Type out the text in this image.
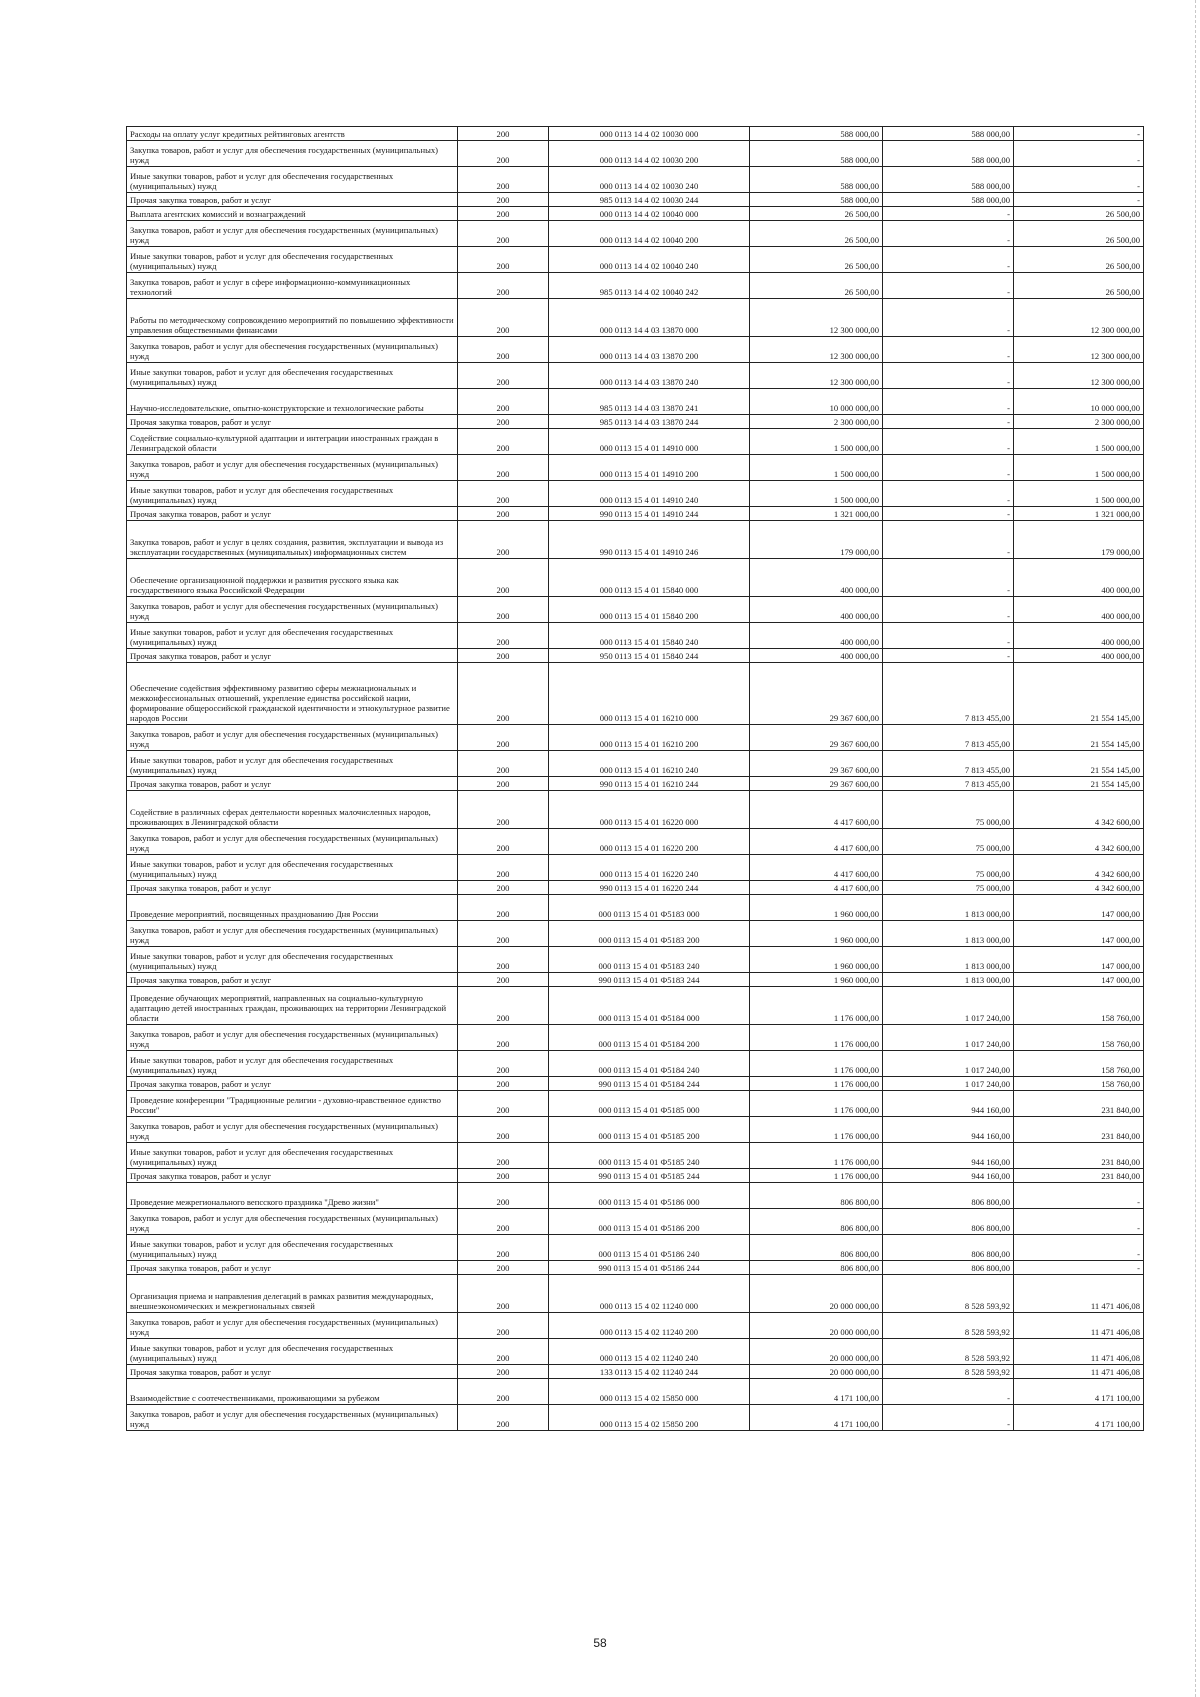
Расходы на оплату услуг кредитных рейтинговых агентств	200	000 0113 14 4 02 10030 000	588 000,00	588 000,00	-
Закупка товаров, работ и услуг для обеспечения государственных (муниципальных) нужд	200	000 0113 14 4 02 10030 200	588 000,00	588 000,00	-
Иные закупки товаров, работ и услуг для обеспечения государственных (муниципальных) нужд	200	000 0113 14 4 02 10030 240	588 000,00	588 000,00	-
Прочая закупка товаров, работ и услуг	200	985 0113 14 4 02 10030 244	588 000,00	588 000,00	-
Выплата агентских комиссий и вознаграждений	200	000 0113 14 4 02 10040 000	26 500,00	-	26 500,00
Закупка товаров, работ и услуг для обеспечения государственных (муниципальных) нужд	200	000 0113 14 4 02 10040 200	26 500,00	-	26 500,00
Иные закупки товаров, работ и услуг для обеспечения государственных (муниципальных) нужд	200	000 0113 14 4 02 10040 240	26 500,00	-	26 500,00
Закупка товаров, работ и услуг в сфере информационно-коммуникационных технологий	200	985 0113 14 4 02 10040 242	26 500,00	-	26 500,00
Работы по методическому сопровождению мероприятий по повышению эффективности управления общественными финансами	200	000 0113 14 4 03 13870 000	12 300 000,00	-	12 300 000,00
Закупка товаров, работ и услуг для обеспечения государственных (муниципальных) нужд	200	000 0113 14 4 03 13870 200	12 300 000,00	-	12 300 000,00
Иные закупки товаров, работ и услуг для обеспечения государственных (муниципальных) нужд	200	000 0113 14 4 03 13870 240	12 300 000,00	-	12 300 000,00
Научно-исследовательские, опытно-конструкторские и технологические работы	200	985 0113 14 4 03 13870 241	10 000 000,00	-	10 000 000,00
Прочая закупка товаров, работ и услуг	200	985 0113 14 4 03 13870 244	2 300 000,00	-	2 300 000,00
Содействие социально-культурной адаптации и интеграции иностранных граждан в Ленинградской области	200	000 0113 15 4 01 14910 000	1 500 000,00	-	1 500 000,00
Закупка товаров, работ и услуг для обеспечения государственных (муниципальных) нужд	200	000 0113 15 4 01 14910 200	1 500 000,00	-	1 500 000,00
Иные закупки товаров, работ и услуг для обеспечения государственных (муниципальных) нужд	200	000 0113 15 4 01 14910 240	1 500 000,00	-	1 500 000,00
Прочая закупка товаров, работ и услуг	200	990 0113 15 4 01 14910 244	1 321 000,00	-	1 321 000,00
Закупка товаров, работ и услуг в целях создания, развития, эксплуатации и вывода из эксплуатации государственных (муниципальных) информационных систем	200	990 0113 15 4 01 14910 246	179 000,00	-	179 000,00
Обеспечение организационной поддержки и развития русского языка как государственного языка Российской Федерации	200	000 0113 15 4 01 15840 000	400 000,00	-	400 000,00
Закупка товаров, работ и услуг для обеспечения государственных (муниципальных) нужд	200	000 0113 15 4 01 15840 200	400 000,00	-	400 000,00
Иные закупки товаров, работ и услуг для обеспечения государственных (муниципальных) нужд	200	000 0113 15 4 01 15840 240	400 000,00	-	400 000,00
Прочая закупка товаров, работ и услуг	200	950 0113 15 4 01 15840 244	400 000,00	-	400 000,00
Обеспечение содействия эффективному развитию сферы межнациональных и межконфессиональных отношений, укрепление единства российской нации, формирование общероссийской гражданской идентичности и этнокультурное развитие народов России	200	000 0113 15 4 01 16210 000	29 367 600,00	7 813 455,00	21 554 145,00
Закупка товаров, работ и услуг для обеспечения государственных (муниципальных) нужд	200	000 0113 15 4 01 16210 200	29 367 600,00	7 813 455,00	21 554 145,00
Иные закупки товаров, работ и услуг для обеспечения государственных (муниципальных) нужд	200	000 0113 15 4 01 16210 240	29 367 600,00	7 813 455,00	21 554 145,00
Прочая закупка товаров, работ и услуг	200	990 0113 15 4 01 16210 244	29 367 600,00	7 813 455,00	21 554 145,00
Содействие в различных сферах деятельности коренных малочисленных народов, проживающих в Ленинградской области	200	000 0113 15 4 01 16220 000	4 417 600,00	75 000,00	4 342 600,00
Закупка товаров, работ и услуг для обеспечения государственных (муниципальных) нужд	200	000 0113 15 4 01 16220 200	4 417 600,00	75 000,00	4 342 600,00
Иные закупки товаров, работ и услуг для обеспечения государственных (муниципальных) нужд	200	000 0113 15 4 01 16220 240	4 417 600,00	75 000,00	4 342 600,00
Прочая закупка товаров, работ и услуг	200	990 0113 15 4 01 16220 244	4 417 600,00	75 000,00	4 342 600,00
Проведение мероприятий, посвященных празднованию Дня России	200	000 0113 15 4 01 Ф5183 000	1 960 000,00	1 813 000,00	147 000,00
Закупка товаров, работ и услуг для обеспечения государственных (муниципальных) нужд	200	000 0113 15 4 01 Ф5183 200	1 960 000,00	1 813 000,00	147 000,00
Иные закупки товаров, работ и услуг для обеспечения государственных (муниципальных) нужд	200	000 0113 15 4 01 Ф5183 240	1 960 000,00	1 813 000,00	147 000,00
Прочая закупка товаров, работ и услуг	200	990 0113 15 4 01 Ф5183 244	1 960 000,00	1 813 000,00	147 000,00
Проведение обучающих мероприятий, направленных на социально-культурную адаптацию детей иностранных граждан, проживающих на территории Ленинградской области	200	000 0113 15 4 01 Ф5184 000	1 176 000,00	1 017 240,00	158 760,00
Закупка товаров, работ и услуг для обеспечения государственных (муниципальных) нужд	200	000 0113 15 4 01 Ф5184 200	1 176 000,00	1 017 240,00	158 760,00
Иные закупки товаров, работ и услуг для обеспечения государственных (муниципальных) нужд	200	000 0113 15 4 01 Ф5184 240	1 176 000,00	1 017 240,00	158 760,00
Прочая закупка товаров, работ и услуг	200	990 0113 15 4 01 Ф5184 244	1 176 000,00	1 017 240,00	158 760,00
Проведение конференции "Традиционные религии - духовно-нравственное единство России"	200	000 0113 15 4 01 Ф5185 000	1 176 000,00	944 160,00	231 840,00
Закупка товаров, работ и услуг для обеспечения государственных (муниципальных) нужд	200	000 0113 15 4 01 Ф5185 200	1 176 000,00	944 160,00	231 840,00
Иные закупки товаров, работ и услуг для обеспечения государственных (муниципальных) нужд	200	000 0113 15 4 01 Ф5185 240	1 176 000,00	944 160,00	231 840,00
Прочая закупка товаров, работ и услуг	200	990 0113 15 4 01 Ф5185 244	1 176 000,00	944 160,00	231 840,00
Проведение межрегионального вепсского праздника "Древо жизни"	200	000 0113 15 4 01 Ф5186 000	806 800,00	806 800,00	-
Закупка товаров, работ и услуг для обеспечения государственных (муниципальных) нужд	200	000 0113 15 4 01 Ф5186 200	806 800,00	806 800,00	-
Иные закупки товаров, работ и услуг для обеспечения государственных (муниципальных) нужд	200	000 0113 15 4 01 Ф5186 240	806 800,00	806 800,00	-
Прочая закупка товаров, работ и услуг	200	990 0113 15 4 01 Ф5186 244	806 800,00	806 800,00	-
Организация приема и направления делегаций в рамках развития международных, внешнеэкономических и межрегиональных связей	200	000 0113 15 4 02 11240 000	20 000 000,00	8 528 593,92	11 471 406,08
Закупка товаров, работ и услуг для обеспечения государственных (муниципальных) нужд	200	000 0113 15 4 02 11240 200	20 000 000,00	8 528 593,92	11 471 406,08
Иные закупки товаров, работ и услуг для обеспечения государственных (муниципальных) нужд	200	000 0113 15 4 02 11240 240	20 000 000,00	8 528 593,92	11 471 406,08
Прочая закупка товаров, работ и услуг	200	133 0113 15 4 02 11240 244	20 000 000,00	8 528 593,92	11 471 406,08
Взаимодействие с соотечественниками, проживающими за рубежом	200	000 0113 15 4 02 15850 000	4 171 100,00	-	4 171 100,00
Закупка товаров, работ и услуг для обеспечения государственных (муниципальных) нужд	200	000 0113 15 4 02 15850 200	4 171 100,00	-	4 171 100,00
58
